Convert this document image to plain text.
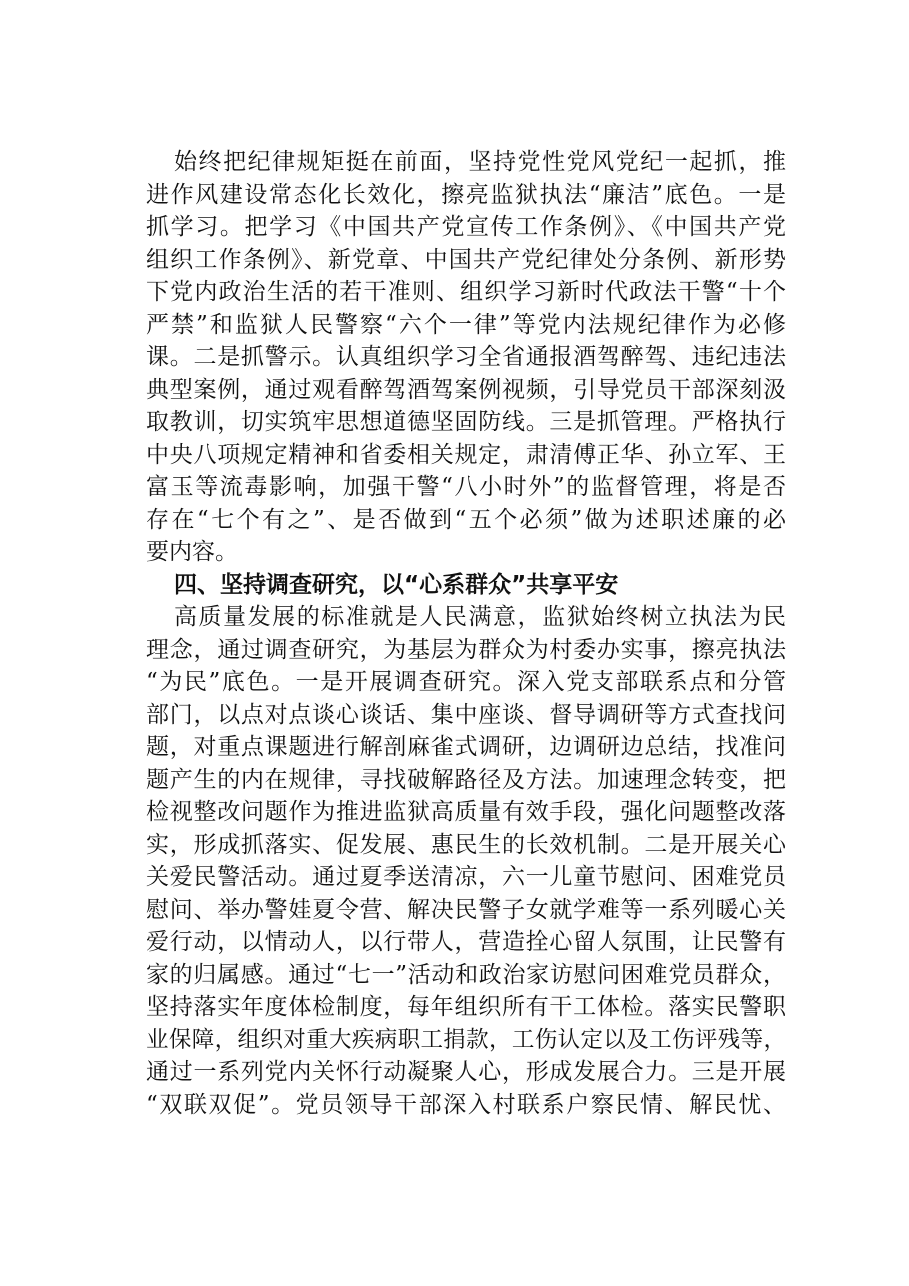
始终把纪律规矩挺在前面，坚持党性党风党纪一起抓，推
进作风建设常态化长效化，擦亮监狱执法“廉洁”底色。一是
抓学习。把学习《中国共产党宣传工作条例》、《中国共产党
组织工作条例》、新党章、中国共产党纪律处分条例、新形势
下党内政治生活的若干准则、组织学习新时代政法干警“十个
严禁”和监狱人民警察“六个一律”等党内法规纪律作为必修
课。二是抓警示。认真组织学习全省通报酒驾醉驾、违纪违法
典型案例，通过观看醉驾酒驾案例视频，引导党员干部深刻汲
取教训，切实筑牢思想道德坚固防线。三是抓管理。严格执行
中央八项规定精神和省委相关规定，肃清傅正华、孙立军、王
富玉等流毒影响，加强干警“八小时外”的监督管理，将是否
存在“七个有之”、是否做到“五个必须”做为述职述廉的必
要内容。
四、坚持调查研究，以“心系群众”共享平安
高质量发展的标准就是人民满意，监狱始终树立执法为民
理念，通过调查研究，为基层为群众为村委办实事，擦亮执法
“为民”底色。一是开展调查研究。深入党支部联系点和分管
部门，以点对点谈心谈话、集中座谈、督导调研等方式查找问
题，对重点课题进行解剖麻雀式调研，边调研边总结，找准问
题产生的内在规律，寻找破解路径及方法。加速理念转变，把
检视整改问题作为推进监狱高质量有效手段，强化问题整改落
实，形成抓落实、促发展、惠民生的长效机制。二是开展关心
关爱民警活动。通过夏季送清凉，六一儿童节慰问、困难党员
慰问、举办警娃夏令营、解决民警子女就学难等一系列暖心关
爱行动，以情动人，以行带人，营造拴心留人氛围，让民警有
家的归属感。通过“七一”活动和政治家访慰问困难党员群众，
坚持落实年度体检制度，每年组织所有干工体检。落实民警职
业保障，组织对重大疾病职工捐款，工伤认定以及工伤评残等，
通过一系列党内关怀行动凝聚人心，形成发展合力。三是开展
“双联双促”。党员领导干部深入村联系户察民情、解民忧、
